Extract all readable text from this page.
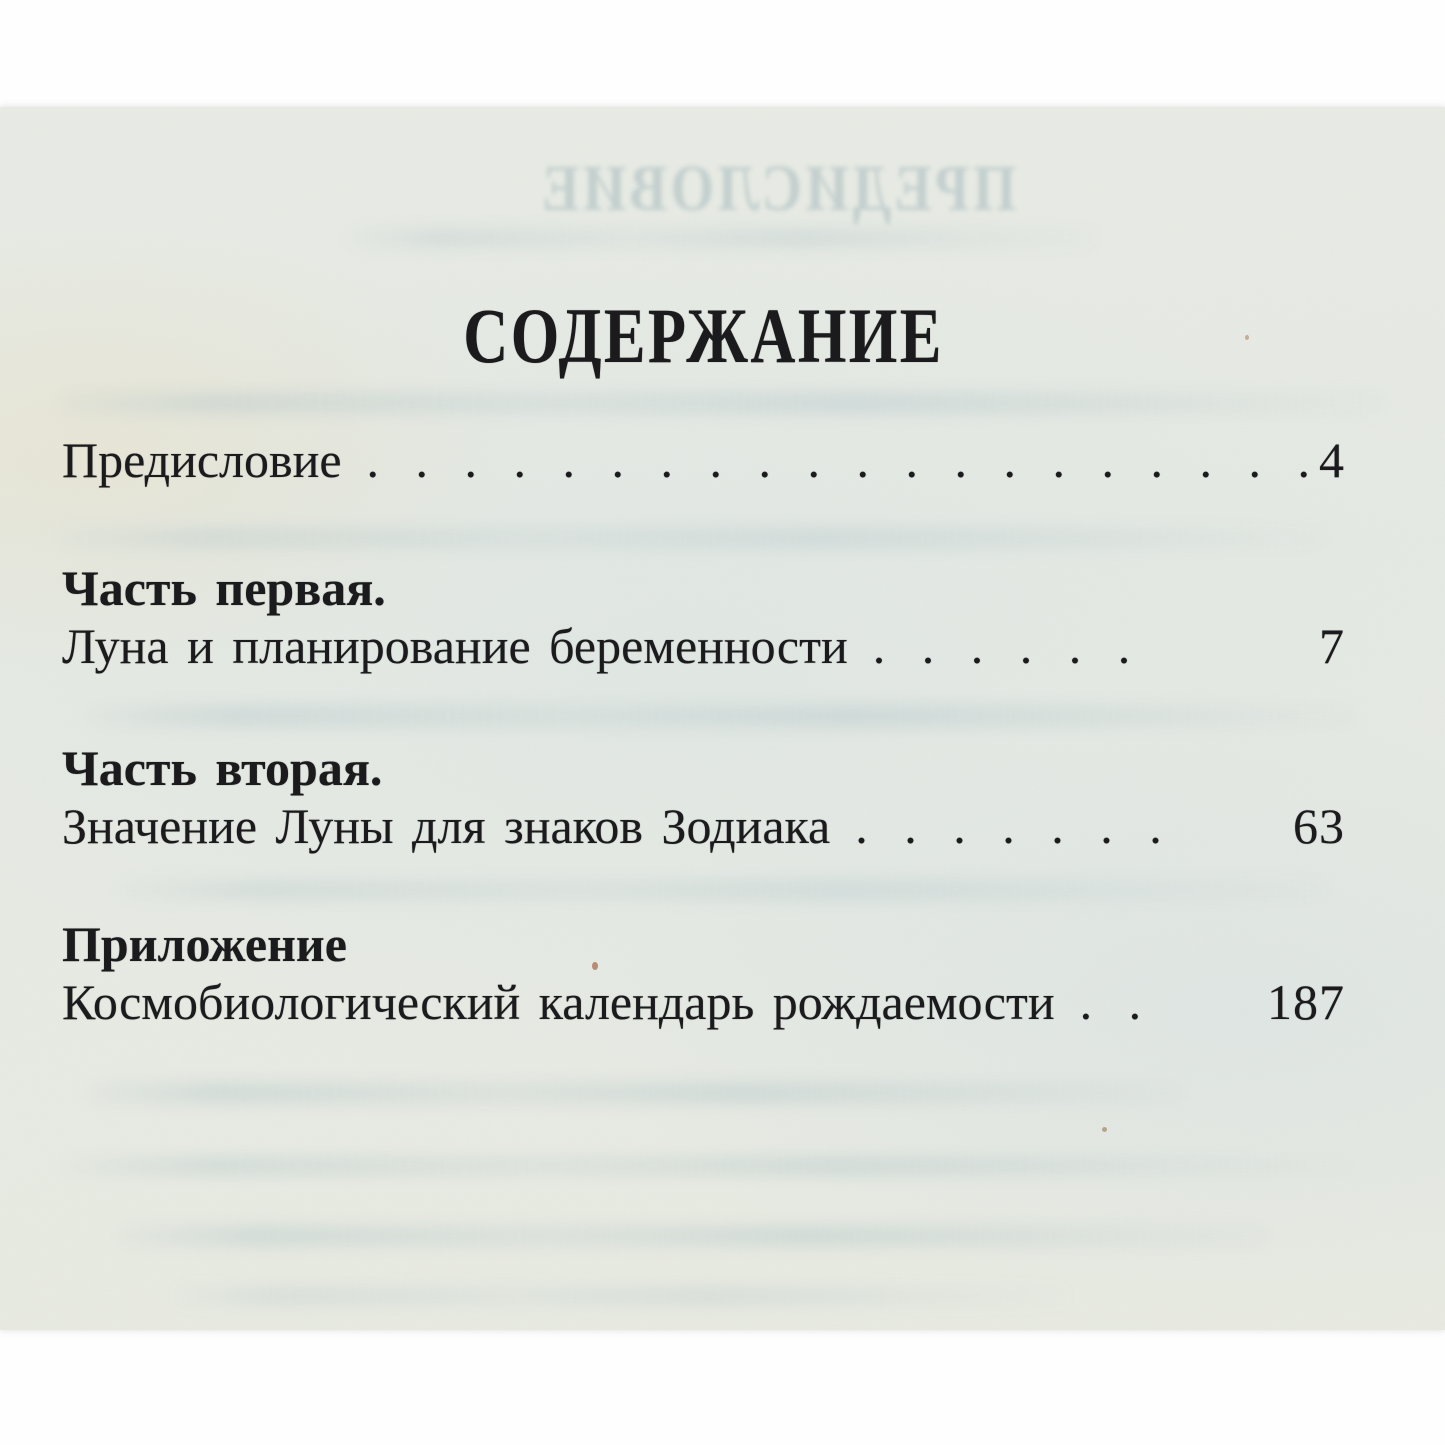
ПРЕДИСЛОВИЕ
СОДЕРЖАНИЕ
Предисловие . . . . . . . . . . . . . . . . . . . . 4
Часть первая.
Луна и планирование беременности . . . . . .	7
Часть вторая.
Значение Луны для знаков Зодиака . . . . . . .	63
Приложение
Космобиологический календарь рождаемости . .	187
